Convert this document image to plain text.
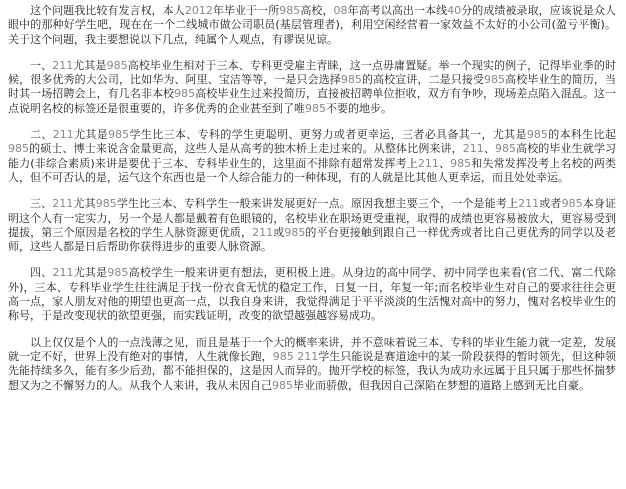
这个问题我比较有发言权，本人2012年毕业于一所985高校，08年高考以高出一本线40分的成绩被录取，应该说是众人眼中的那种好学生吧，现在在一个二线城市做公司职员(基层管理者)，利用空闲经营着一家效益不太好的小公司(盈亏平衡)。关于这个问题，我主要想说以下几点，纯属个人观点，有谬误见谅。

一、211尤其是985高校毕业生相对于三本、专科更受雇主青睐，这一点毋庸置疑。举一个现实的例子，记得毕业季的时候，很多优秀的大公司，比如华为、阿里、宝洁等等，一是只会选择985的高校宣讲，二是只接受985高校毕业生的简历，当时其一场招聘会上，有几名非本校985高校毕业生过来投简历，直接被招聘单位拒收，双方有争吵，现场差点陷入混乱。这一点说明名校的标签还是很重要的，许多优秀的企业甚至到了唯985不要的地步。

二、211尤其是985学生比三本、专科的学生更聪明、更努力或者更幸运，三者必具备其一，尤其是985的本科生比起985的硕士、博士来说含金量更高，这些人是从高考的独木桥上走过来的。从整体比例来讲，211、985高校的毕业生就学习能力(非综合素质)来讲是要优于三本、专科毕业生的，这里面不排除有超常发挥考上211、985和失常发挥没考上名校的两类人，但不可否认的是，运气这个东西也是一个人综合能力的一种体现，有的人就是比其他人更幸运，而且处处幸运。

三、211尤其985学生比三本、专科学生一般来讲发展更好一点。原因我想主要三个，一个是能考上211或者985本身证明这个人有一定实力，另一个是人都是戴着有色眼镜的，名校毕业在职场更受重视，取得的成绩也更容易被放大，更容易受到提拔，第三个原因是名校的学生人脉资源更优质，211或985的平台更接触到跟自己一样优秀或者比自己更优秀的同学以及老师，这些人都是日后帮助你获得进步的重要人脉资源。

四、211尤其是985高校学生一般来讲更有想法，更积极上进。从身边的高中同学、初中同学也来看(官二代、富二代除外)，三本、专科毕业学生往往满足于找一份衣食无忧的稳定工作，日复一日，年复一年;而名校毕业生对自己的要求往往会更高一点，家人朋友对他的期望也更高一点，以我自身来讲，我觉得满足于平平淡淡的生活愧对高中的努力，愧对名校毕业生的称号，于是改变现状的欲望更强，而实践证明，改变的欲望越强越容易成功。

以上仅仅是个人的一点浅薄之见，而且是基于一个大的概率来讲，并不意味着说三本、专科的毕业生能力就一定差，发展就一定不好，世界上没有绝对的事情，人生就像长跑，985 211学生只能说是赛道途中的某一阶段获得的暂时领先，但这种领先能持续多久，能有多少后劲，都不能担保的，这是因人而异的。抛开学校的标签，我认为成功永远属于且只属于那些怀揣梦想又为之不懈努力的人。从我个人来讲，我从未因自己985毕业而骄傲，但我因自己深陷在梦想的道路上感到无比自豪。
